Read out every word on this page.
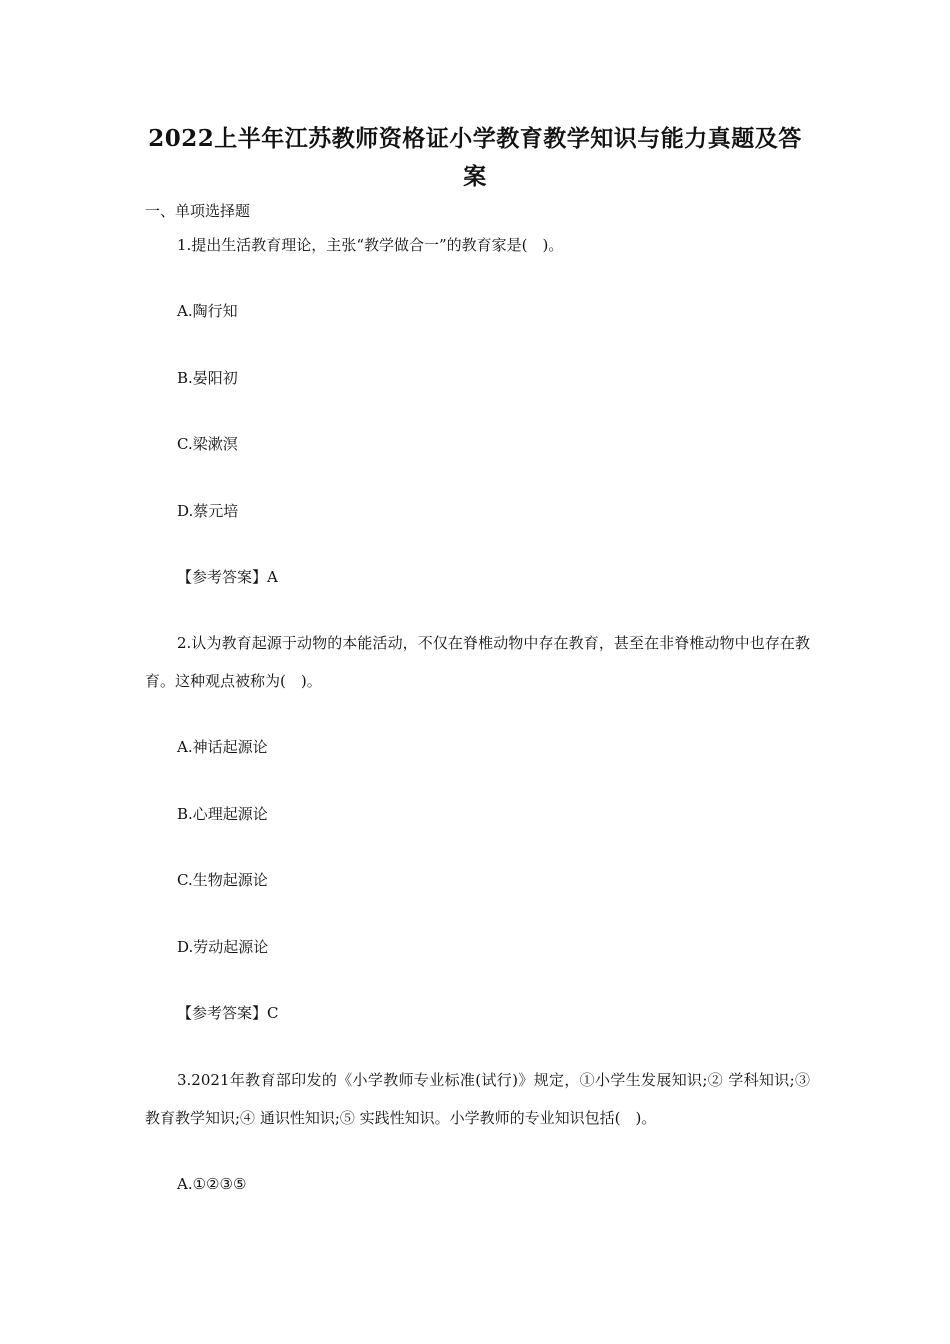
2022上半年江苏教师资格证小学教育教学知识与能力真题及答案
一、单项选择题
1.提出生活教育理论，主张“教学做合一”的教育家是(　)。
A.陶行知
B.晏阳初
C.梁漱溟
D.蔡元培
【参考答案】A
2.认为教育起源于动物的本能活动，不仅在脊椎动物中存在教育，甚至在非脊椎动物中也存在教育。这种观点被称为(　)。
A.神话起源论
B.心理起源论
C.生物起源论
D.劳动起源论
【参考答案】C
3.2021年教育部印发的《小学教师专业标准(试行)》规定，①小学生发展知识;② 学科知识;③ 教育教学知识;④ 通识性知识;⑤ 实践性知识。小学教师的专业知识包括(　)。
A.①②③⑤
